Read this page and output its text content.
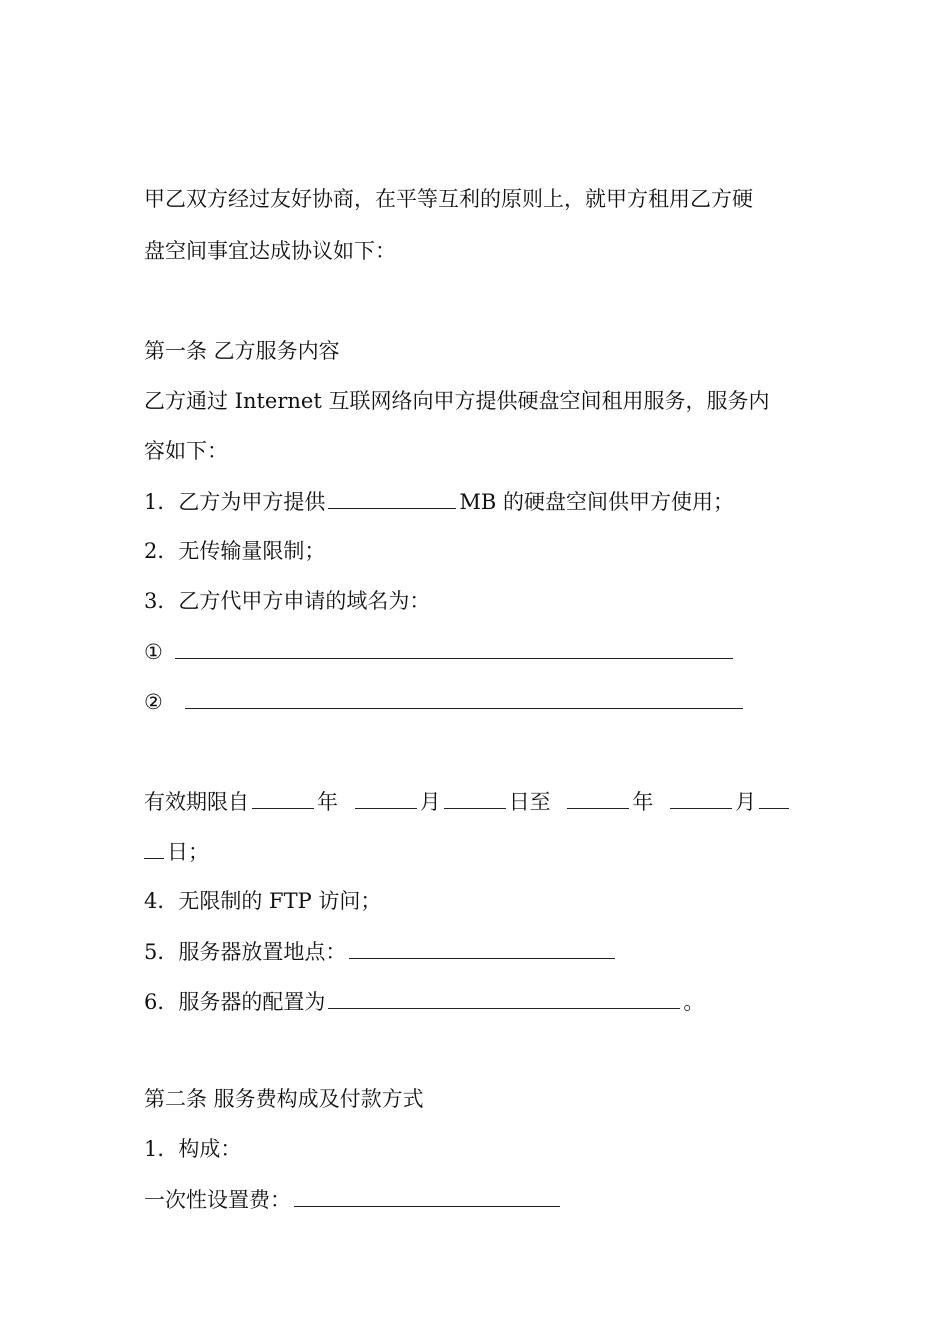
甲乙双方经过友好协商，在平等互利的原则上，就甲方租用乙方硬
盘空间事宜达成协议如下：
第一条 乙方服务内容
乙方通过 Internet 互联网络向甲方提供硬盘空间租用服务，服务内
容如下：
1．乙方为甲方提供	MB 的硬盘空间供甲方使用；
2．无传输量限制；
3．乙方代甲方申请的域名为：
①
②
有效期限自	年	月	日至	年	月
日；
4．无限制的 FTP 访问；
5．服务器放置地点：
6．服务器的配置为	。
第二条 服务费构成及付款方式
1．构成：
一次性设置费：
